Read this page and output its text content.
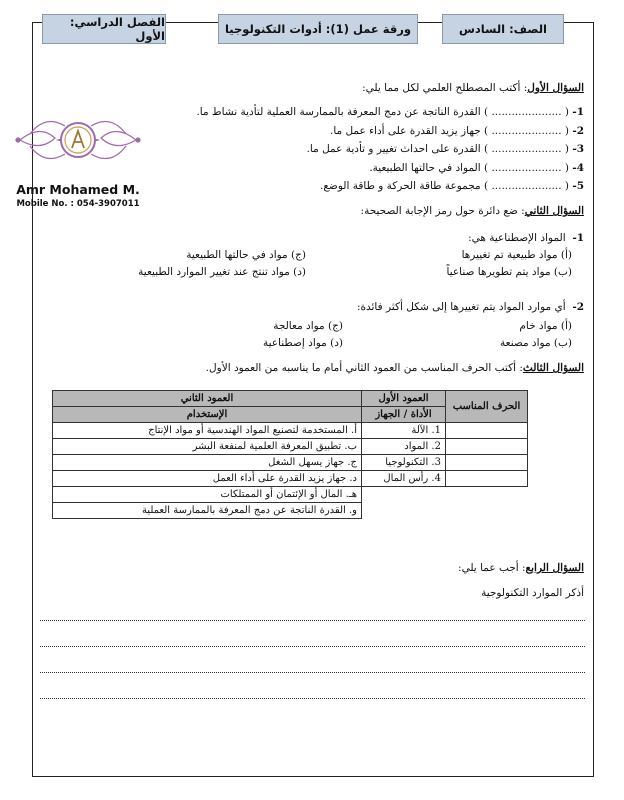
الصف: السادس
ورقة عمل (1): أدوات التكنولوجيا
الفصل الدراسي: الأول
Amr Mohamed M.
Mobile No. : 054-3907011
السؤال الأول: أكتب المصطلح العلمي لكل مما يلي:
1- ( ..................... ) القدرة الناتجة عن دمج المعرفة بالممارسة العملية لتأدية نشاط ما.
2- ( ..................... ) جهاز يزيد القدرة على أداء عمل ما.
3- ( ..................... ) القدرة على احداث تغيير و تأدية عمل ما.
4- ( ..................... ) المواد في حالتها الطبيعية.
5- ( ..................... ) مجموعة طاقة الحركة و طاقة الوضع.
السؤال الثاني: ضع دائرة حول رمز الإجابة الصحيحة:
1-  المواد الإصطناعية هي:
(أ) مواد طبيعية تم تغييرها
(ب) مواد يتم تطويرها صناعياً
(ج) مواد في حالتها الطبيعية
(د) مواد تنتج عند تغيير الموارد الطبيعية
2-  أي موارد المواد يتم تغييرها إلى شكل أكثر فائدة:
(أ) مواد خام
(ب) مواد مصنعة
(ج) مواد معالجة
(د) مواد إصطناعية
السؤال الثالث: أكتب الحرف المناسب من العمود الثاني أمام ما يناسبه من العمود الأول.
الحرف المناسب	العمود الأول	العمود الثاني
	الأداة / الجهاز	الإستخدام
	1. الآلة	أ. المستخدمة لتصنيع المواد الهندسية أو مواد الإنتاج
	2. المواد	ب. تطبيق المعرفة العلمية لمنفعة البشر
	3. التكنولوجيا	ج. جهاز يسهل الشغل
	4. رأس المال	د. جهاز يزيد القدرة على أداء العمل
		هـ. المال أو الإئتمان أو الممتلكات
		و. القدرة الناتجة عن دمج المعرفة بالممارسة العملية
السؤال الرابع: أجب عما يلي:
أذكر الموارد التكنولوجية
